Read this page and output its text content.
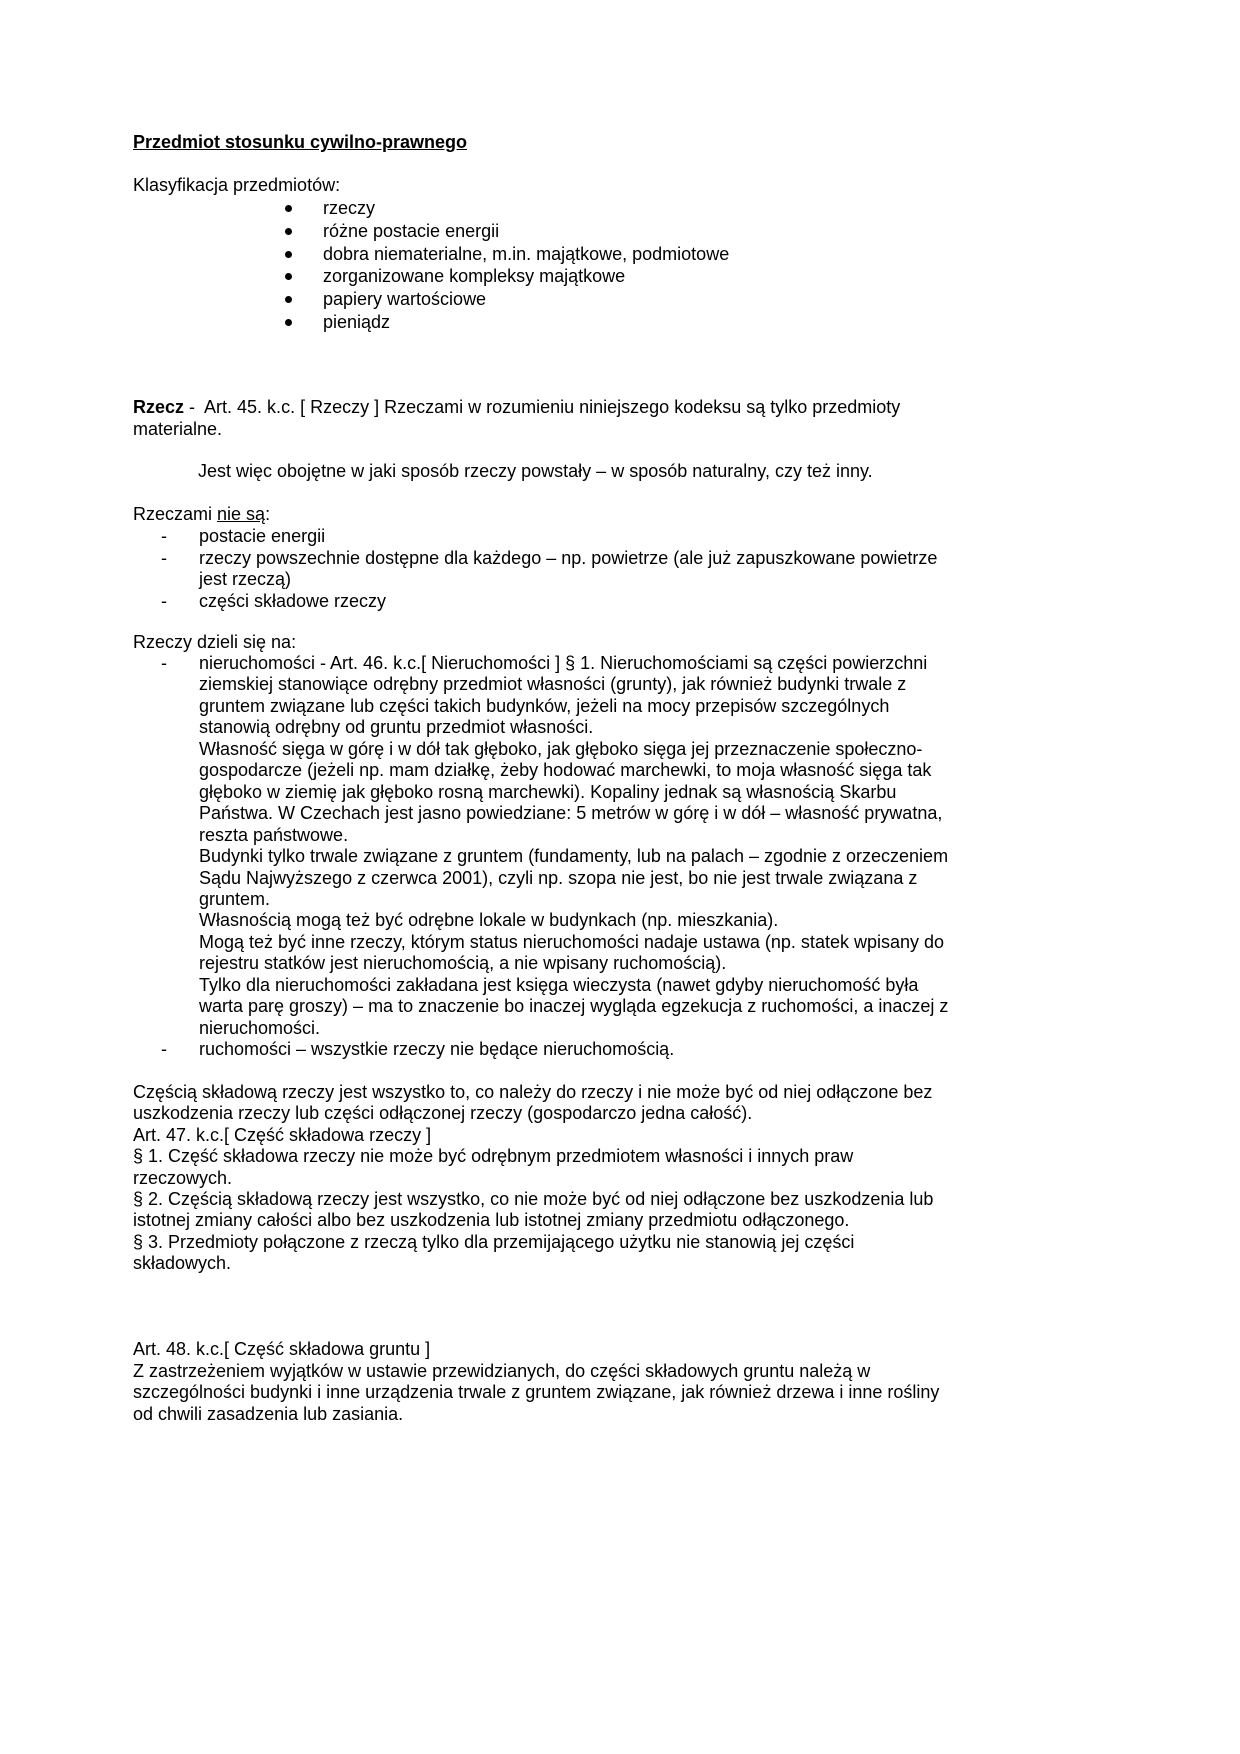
Przedmiot stosunku cywilno-prawnego
Klasyfikacja przedmiotów:
rzeczy
różne postacie energii
dobra niematerialne, m.in. majątkowe, podmiotowe
zorganizowane kompleksy majątkowe
papiery wartościowe
pieniądz
Rzecz -  Art. 45. k.c. [ Rzeczy ] Rzeczami w rozumieniu niniejszego kodeksu są tylko przedmioty
materialne.
Jest więc obojętne w jaki sposób rzeczy powstały – w sposób naturalny, czy też inny.
Rzeczami nie są:
- postacie energii
- rzeczy powszechnie dostępne dla każdego – np. powietrze (ale już zapuszkowane powietrze
jest rzeczą)
- części składowe rzeczy
Rzeczy dzieli się na:
- nieruchomości - Art. 46. k.c.[ Nieruchomości ] § 1. Nieruchomościami są części powierzchni
ziemskiej stanowiące odrębny przedmiot własności (grunty), jak również budynki trwale z
gruntem związane lub części takich budynków, jeżeli na mocy przepisów szczególnych
stanowią odrębny od gruntu przedmiot własności.
Własność sięga w górę i w dół tak głęboko, jak głęboko sięga jej przeznaczenie społeczno-
gospodarcze (jeżeli np. mam działkę, żeby hodować marchewki, to moja własność sięga tak
głęboko w ziemię jak głęboko rosną marchewki). Kopaliny jednak są własnością Skarbu
Państwa. W Czechach jest jasno powiedziane: 5 metrów w górę i w dół – własność prywatna,
reszta państwowe.
Budynki tylko trwale związane z gruntem (fundamenty, lub na palach – zgodnie z orzeczeniem
Sądu Najwyższego z czerwca 2001), czyli np. szopa nie jest, bo nie jest trwale związana z
gruntem.
Własnością mogą też być odrębne lokale w budynkach (np. mieszkania).
Mogą też być inne rzeczy, którym status nieruchomości nadaje ustawa (np. statek wpisany do
rejestru statków jest nieruchomością, a nie wpisany ruchomością).
Tylko dla nieruchomości zakładana jest księga wieczysta (nawet gdyby nieruchomość była
warta parę groszy) – ma to znaczenie bo inaczej wygląda egzekucja z ruchomości, a inaczej z
nieruchomości.
- ruchomości – wszystkie rzeczy nie będące nieruchomością.
Częścią składową rzeczy jest wszystko to, co należy do rzeczy i nie może być od niej odłączone bez
uszkodzenia rzeczy lub części odłączonej rzeczy (gospodarczo jedna całość).
Art. 47. k.c.[ Część składowa rzeczy ]
§ 1. Część składowa rzeczy nie może być odrębnym przedmiotem własności i innych praw
rzeczowych.
§ 2. Częścią składową rzeczy jest wszystko, co nie może być od niej odłączone bez uszkodzenia lub
istotnej zmiany całości albo bez uszkodzenia lub istotnej zmiany przedmiotu odłączonego.
§ 3. Przedmioty połączone z rzeczą tylko dla przemijającego użytku nie stanowią jej części
składowych.
Art. 48. k.c.[ Część składowa gruntu ]
Z zastrzeżeniem wyjątków w ustawie przewidzianych, do części składowych gruntu należą w
szczególności budynki i inne urządzenia trwale z gruntem związane, jak również drzewa i inne rośliny
od chwili zasadzenia lub zasiania.
